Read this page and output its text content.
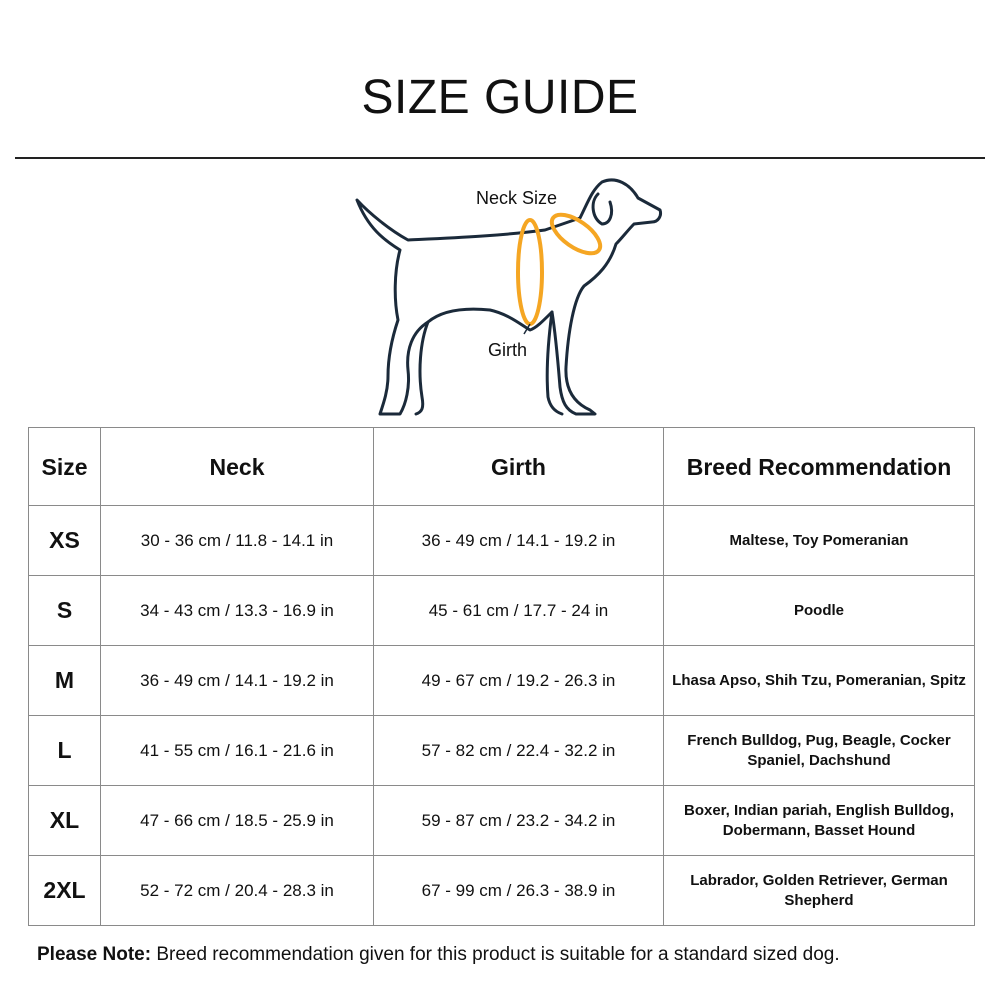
SIZE GUIDE
Neck Size
Girth
Size	Neck	Girth	Breed Recommendation
XS	30 - 36 cm / 11.8 - 14.1 in	36 - 49 cm / 14.1 - 19.2 in	Maltese, Toy Pomeranian
S	34 - 43 cm / 13.3 - 16.9 in	45 - 61 cm / 17.7 - 24 in	Poodle
M	36 - 49 cm / 14.1 - 19.2 in	49 - 67 cm / 19.2 - 26.3 in	Lhasa Apso, Shih Tzu, Pomeranian, Spitz
L	41 - 55 cm / 16.1 - 21.6 in	57 - 82 cm / 22.4 - 32.2 in	French Bulldog, Pug, Beagle, Cocker Spaniel, Dachshund
XL	47 - 66 cm / 18.5 - 25.9 in	59 - 87 cm / 23.2 - 34.2 in	Boxer, Indian pariah, English Bulldog, Dobermann, Basset Hound
2XL	52 - 72 cm / 20.4 - 28.3 in	67 - 99 cm / 26.3 - 38.9 in	Labrador, Golden Retriever, German Shepherd
Please Note: Breed recommendation given for this product is suitable for a standard sized dog.
